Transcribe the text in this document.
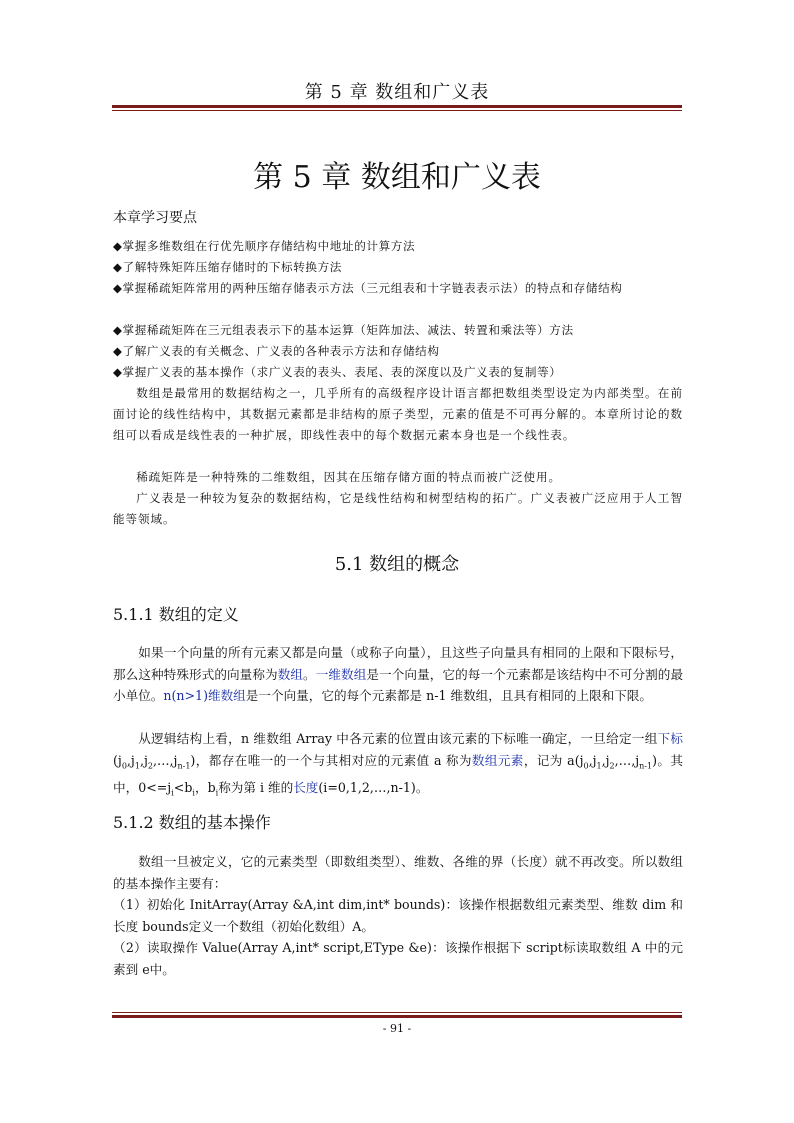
第 5 章 数组和广义表
第 5 章 数组和广义表
本章学习要点
◆掌握多维数组在行优先顺序存储结构中地址的计算方法
◆了解特殊矩阵压缩存储时的下标转换方法
◆掌握稀疏矩阵常用的两种压缩存储表示方法（三元组表和十字链表表示法）的特点和存储结构
◆掌握稀疏矩阵在三元组表表示下的基本运算（矩阵加法、减法、转置和乘法等）方法
◆了解广义表的有关概念、广义表的各种表示方法和存储结构
◆掌握广义表的基本操作（求广义表的表头、表尾、表的深度以及广义表的复制等）
数组是最常用的数据结构之一，几乎所有的高级程序设计语言都把数组类型设定为内部类型。在前面讨论的线性结构中，其数据元素都是非结构的原子类型，元素的值是不可再分解的。本章所讨论的数组可以看成是线性表的一种扩展，即线性表中的每个数据元素本身也是一个线性表。
稀疏矩阵是一种特殊的二维数组，因其在压缩存储方面的特点而被广泛使用。
广义表是一种较为复杂的数据结构，它是线性结构和树型结构的拓广。广义表被广泛应用于人工智能等领域。
5.1 数组的概念
5.1.1 数组的定义
如果一个向量的所有元素又都是向量（或称子向量），且这些子向量具有相同的上限和下限标号，那么这种特殊形式的向量称为数组。一维数组是一个向量，它的每一个元素都是该结构中不可分割的最小单位。n(n>1)维数组是一个向量，它的每个元素都是 n-1 维数组，且具有相同的上限和下限。
从逻辑结构上看，n 维数组 Array 中各元素的位置由该元素的下标唯一确定，一旦给定一组下标$(j_0,j_1,j_2,\dots,j_{n-1})$，都存在唯一的一个与其相对应的元素值 a 称为数组元素，记为 $a(j_0,j_1,j_2,\dots,j_{n-1})$。其中，$0<=j_i<b_i$，$b_i$称为第 i 维的长度(i=0,1,2,…,n-1)。
5.1.2 数组的基本操作
数组一旦被定义，它的元素类型（即数组类型）、维数、各维的界（长度）就不再改变。所以数组的基本操作主要有：
（1）初始化 InitArray(Array &A,int dim,int* bounds)：该操作根据数组元素类型、维数 dim 和长度 bounds定义一个数组（初始化数组）A。
（2）读取操作 Value(Array A,int* script,EType &e)：该操作根据下 script标读取数组 A 中的元素到 e中。
- 91 -
